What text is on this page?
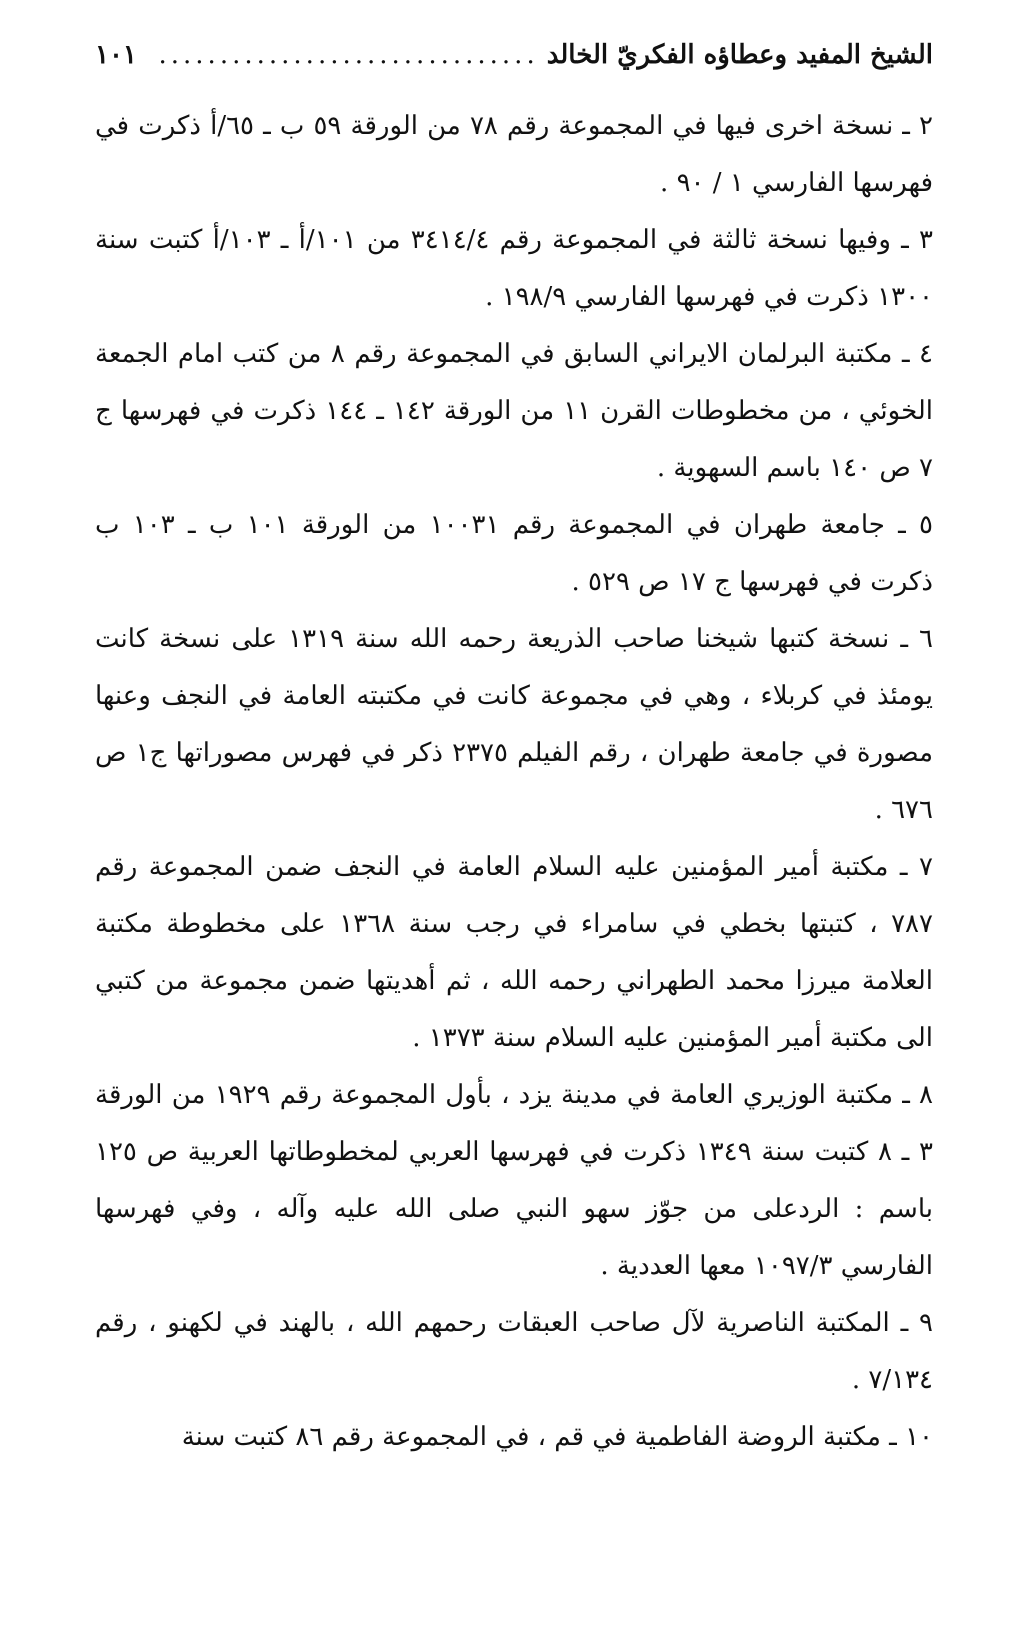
الشيخ المفيد وعطاؤه الفكريّ الخالد
...............................
١٠١

٢ ـ نسخة اخرى فيها في المجموعة رقم ٧٨ من الورقة ٥٩ ب ـ ٦٥/أ ذكرت في فهرسها الفارسي ١ / ٩٠ .

٣ ـ وفيها نسخة ثالثة في المجموعة رقم ٣٤١٤/٤ من ١٠١/أ ـ ١٠٣/أ كتبت سنة ١٣٠٠ ذكرت في فهرسها الفارسي ١٩٨/٩ .

٤ ـ مكتبة البرلمان الايراني السابق في المجموعة رقم ٨ من كتب امام الجمعة الخوئي ، من مخطوطات القرن ١١ من الورقة ١٤٢ ـ ١٤٤ ذكرت في فهرسها ج ٧ ص ١٤٠ باسم السهوية .

٥ ـ جامعة طهران في المجموعة رقم ١٠٠٣١ من الورقة ١٠١ ب ـ ١٠٣ ب ذكرت في فهرسها ج ١٧ ص ٥٢٩ .

٦ ـ نسخة كتبها شيخنا صاحب الذريعة رحمه الله سنة ١٣١٩ على نسخة كانت يومئذ في كربلاء ، وهي في مجموعة كانت في مكتبته العامة في النجف وعنها مصورة في جامعة طهران ، رقم الفيلم ٢٣٧٥ ذكر في فهرس مصوراتها ج١ ص ٦٧٦ .

٧ ـ مكتبة أمير المؤمنين عليه السلام العامة في النجف ضمن المجموعة رقم ٧٨٧ ، كتبتها بخطي في سامراء في رجب سنة ١٣٦٨ على مخطوطة مكتبة العلامة ميرزا محمد الطهراني رحمه الله ، ثم أهديتها ضمن مجموعة من كتبي الى مكتبة أمير المؤمنين عليه السلام سنة ١٣٧٣ .

٨ ـ مكتبة الوزيري العامة في مدينة يزد ، بأول المجموعة رقم ١٩٢٩ من الورقة ٣ ـ ٨ كتبت سنة ١٣٤٩ ذكرت في فهرسها العربي لمخطوطاتها العربية ص ١٢٥ باسم : الردعلى من جوّز سهو النبي صلى الله عليه وآله ، وفي فهرسها الفارسي ١٠٩٧/٣ معها العددية .

٩ ـ المكتبة الناصرية لآل صاحب العبقات رحمهم الله ، بالهند في لكهنو ، رقم ٧/١٣٤ .

١٠ ـ مكتبة الروضة الفاطمية في قم ، في المجموعة رقم ٨٦ كتبت سنة
